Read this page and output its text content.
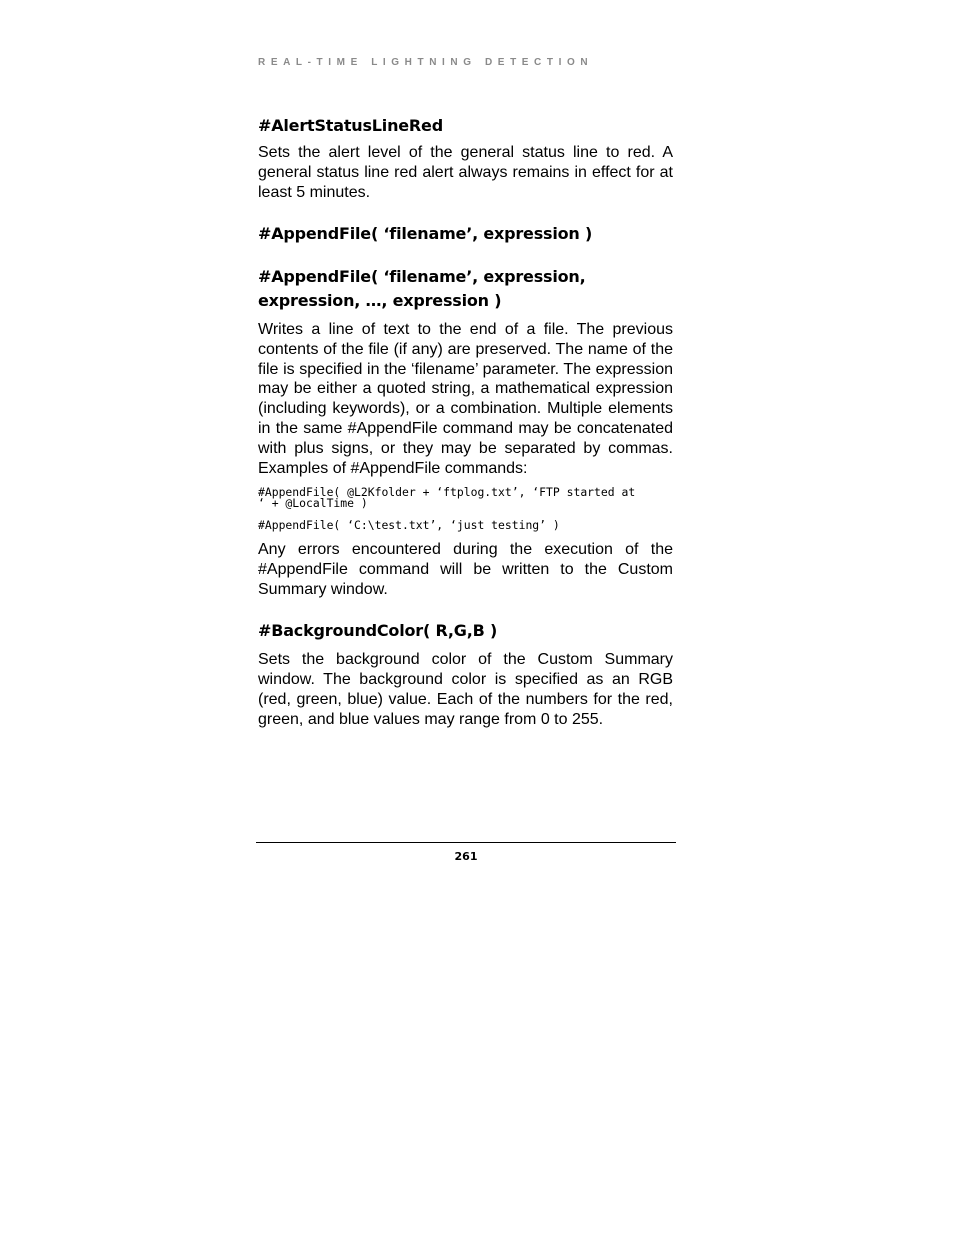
REAL-TIME LIGHTNING DETECTION
#AlertStatusLineRed

Sets the alert level of the general status line to red. A general status line red alert always remains in effect for at least 5 minutes.

#AppendFile( ‘filename’, expression )
#AppendFile( ‘filename’, expression,
expression, …, expression )

Writes a line of text to the end of a file. The previous contents of the file (if any) are preserved. The name of the file is specified in the ‘filename’ parameter. The expression may be either a quoted string, a mathematical expression (including keywords), or a combination. Multiple elements in the same #AppendFile command may be concatenated with plus signs, or they may be separated by commas. Examples of #AppendFile commands:

#AppendFile( @L2Kfolder + ‘ftplog.txt’, ‘FTP started at
‘ + @LocalTime )
#AppendFile( ‘C:\test.txt’, ‘just testing’ )

Any errors encountered during the execution of the #AppendFile command will be written to the Custom Summary window.

#BackgroundColor( R,G,B )

Sets the background color of the Custom Summary window. The background color is specified as an RGB (red, green, blue) value. Each of the numbers for the red, green, and blue values may range from 0 to 255.

261
